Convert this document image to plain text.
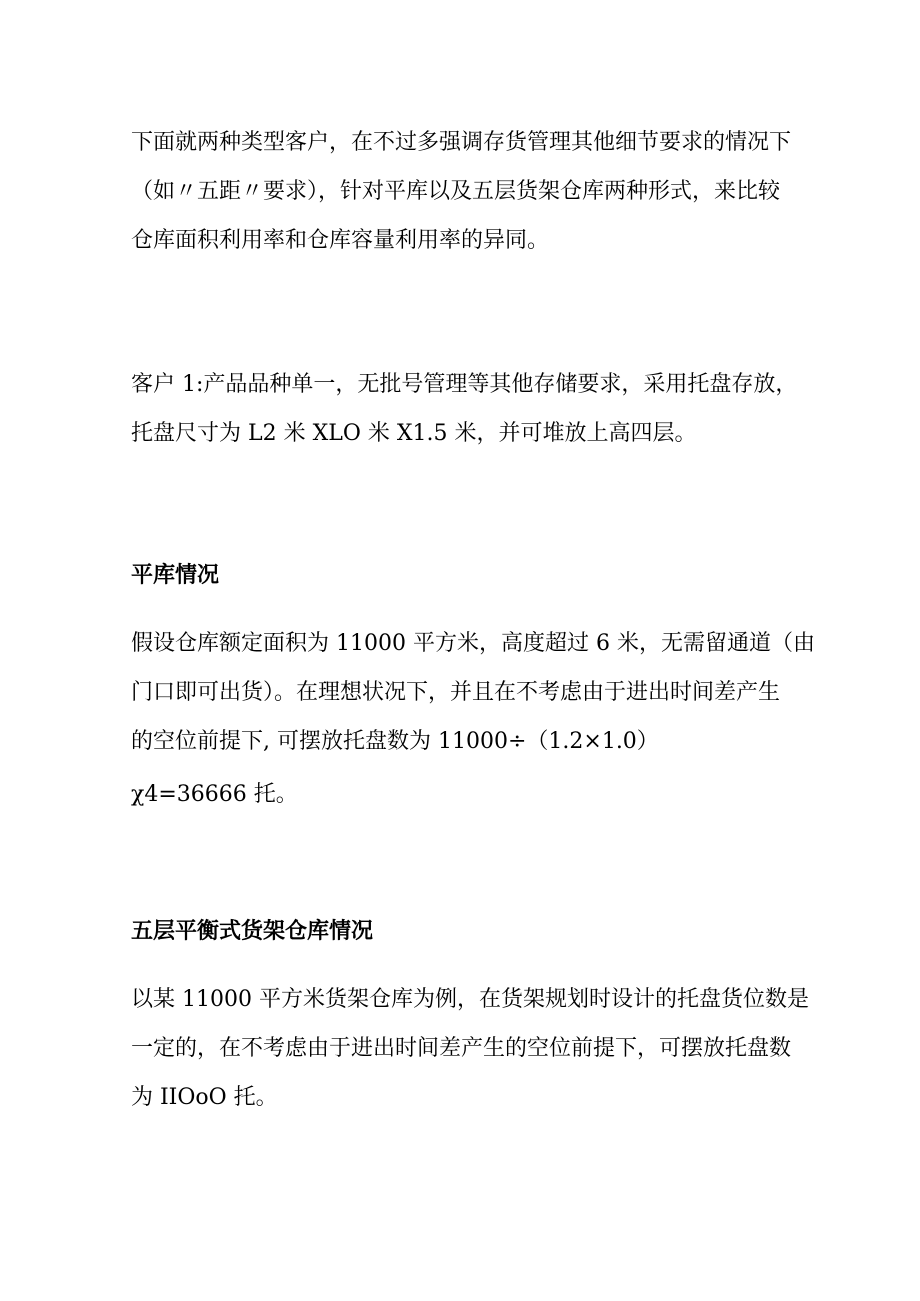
下面就两种类型客户，在不过多强调存货管理其他细节要求的情况下

（如〃五距〃要求），针对平库以及五层货架仓库两种形式，来比较

仓库面积利用率和仓库容量利用率的异同。

客户 1:产品品种单一，无批号管理等其他存储要求，采用托盘存放，

托盘尺寸为 L2 米 XLO 米 X1.5 米，并可堆放上高四层。

平库情况

假设仓库额定面积为 11000 平方米，高度超过 6 米，无需留通道（由

门口即可出货）。在理想状况下，并且在不考虑由于进出时间差产生

的空位前提下, 可摆放托盘数为 11000÷（1.2×1.0）

χ4=36666 托。

五层平衡式货架仓库情况

以某 11000 平方米货架仓库为例，在货架规划时设计的托盘货位数是

一定的，在不考虑由于进出时间差产生的空位前提下，可摆放托盘数

为 IIOoO 托。
